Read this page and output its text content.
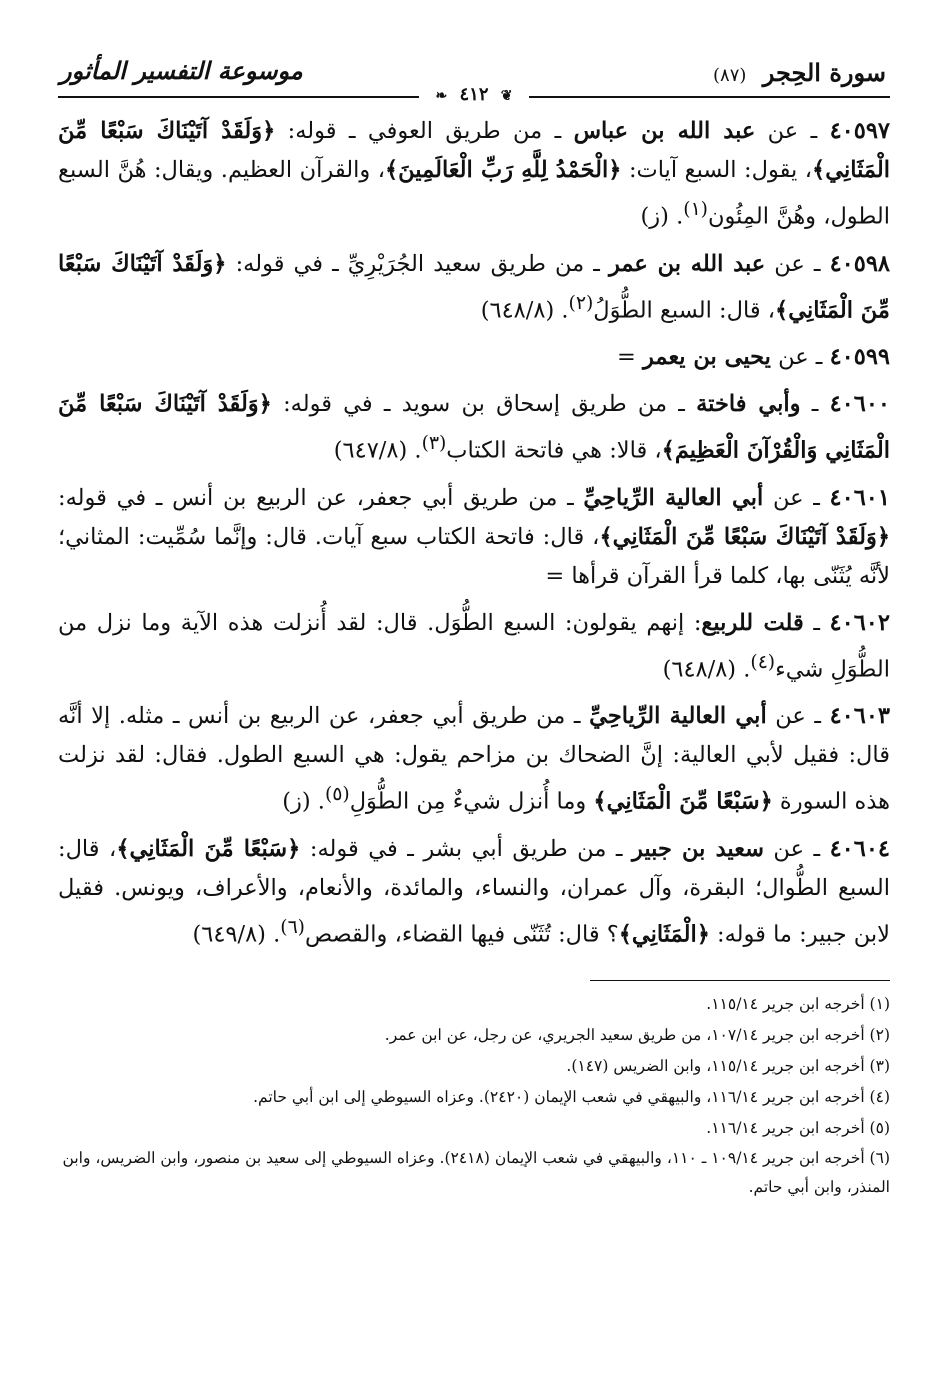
سورة الحِجر (٨٧)
موسوعة التفسير المأثور
❦ ٤١٢ ❧

٤٠٥٩٧ ـ عن عبد الله بن عباس ـ من طريق العوفي ـ قوله: ﴿وَلَقَدْ آتَيْنَاكَ سَبْعًا مِّنَ الْمَثَانِي﴾، يقول: السبع آيات: ﴿الْحَمْدُ لِلَّهِ رَبِّ الْعَالَمِينَ﴾، والقرآن العظيم. ويقال: هُنَّ السبع الطول، وهُنَّ المِئُون$^{(١)}$. (ز)

٤٠٥٩٨ ـ عن عبد الله بن عمر ـ من طريق سعيد الجُرَيْرِيِّ ـ في قوله: ﴿وَلَقَدْ آتَيْنَاكَ سَبْعًا مِّنَ الْمَثَانِي﴾، قال: السبع الطُّوَلُ$^{(٢)}$. (٦٤٨/٨)

٤٠٥٩٩ ـ عن يحيى بن يعمر =

٤٠٦٠٠ ـ وأبي فاختة ـ من طريق إسحاق بن سويد ـ في قوله: ﴿وَلَقَدْ آتَيْنَاكَ سَبْعًا مِّنَ الْمَثَانِي وَالْقُرْآنَ الْعَظِيمَ﴾، قالا: هي فاتحة الكتاب$^{(٣)}$. (٦٤٧/٨)

٤٠٦٠١ ـ عن أبي العالية الرِّياحِيِّ ـ من طريق أبي جعفر، عن الربيع بن أنس ـ في قوله: ﴿وَلَقَدْ آتَيْنَاكَ سَبْعًا مِّنَ الْمَثَانِي﴾، قال: فاتحة الكتاب سبع آيات. قال: وإنَّما سُمِّيت: المثاني؛ لأنَّه يُثَنّى بها، كلما قرأ القرآن قرأها =

٤٠٦٠٢ ـ قلت للربيع: إنهم يقولون: السبع الطُّوَل. قال: لقد أُنزلت هذه الآية وما نزل من الطُّوَلِ شيء$^{(٤)}$. (٦٤٨/٨)

٤٠٦٠٣ ـ عن أبي العالية الرِّياحِيِّ ـ من طريق أبي جعفر، عن الربيع بن أنس ـ مثله. إلا أنَّه قال: فقيل لأبي العالية: إنَّ الضحاك بن مزاحم يقول: هي السبع الطول. فقال: لقد نزلت هذه السورة ﴿سَبْعًا مِّنَ الْمَثَانِي﴾ وما أُنزل شيءٌ مِن الطُّوَلِ$^{(٥)}$. (ز)

٤٠٦٠٤ ـ عن سعيد بن جبير ـ من طريق أبي بشر ـ في قوله: ﴿سَبْعًا مِّنَ الْمَثَانِي﴾، قال: السبع الطُّوال؛ البقرة، وآل عمران، والنساء، والمائدة، والأنعام، والأعراف، ويونس. فقيل لابن جبير: ما قوله: ﴿الْمَثَانِي﴾؟ قال: تُثَنّى فيها القضاء، والقصص$^{(٦)}$. (٦٤٩/٨)

(١) أخرجه ابن جرير ١١٥/١٤.

(٢) أخرجه ابن جرير ١٠٧/١٤، من طريق سعيد الجريري، عن رجل، عن ابن عمر.

(٣) أخرجه ابن جرير ١١٥/١٤، وابن الضريس (١٤٧).

(٤) أخرجه ابن جرير ١١٦/١٤، والبيهقي في شعب الإيمان (٢٤٢٠). وعزاه السيوطي إلى ابن أبي حاتم.

(٥) أخرجه ابن جرير ١١٦/١٤.

(٦) أخرجه ابن جرير ١٠٩/١٤ ـ ١١٠، والبيهقي في شعب الإيمان (٢٤١٨). وعزاه السيوطي إلى سعيد بن منصور، وابن الضريس، وابن المنذر، وابن أبي حاتم.
